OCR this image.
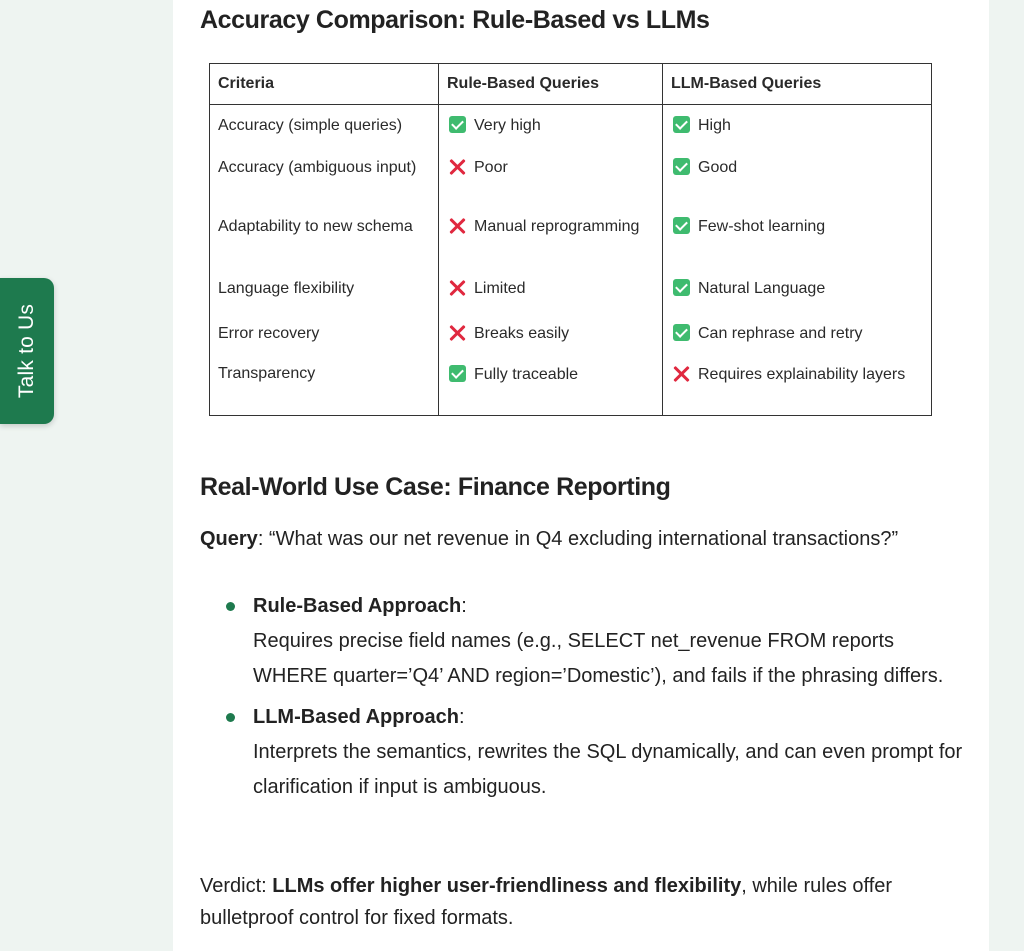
Talk to Us
Accuracy Comparison: Rule-Based vs LLMs
Criteria	Rule-Based Queries	LLM-Based Queries
Accuracy (simple queries)	Very high	High
Accuracy (ambiguous input)	Poor	Good
Adaptability to new schema	Manual reprogramming	Few-shot learning
Language flexibility	Limited	Natural Language
Error recovery	Breaks easily	Can rephrase and retry
Transparency	Fully traceable	Requires explainability layers
Real-World Use Case: Finance Reporting

Query: “What was our net revenue in Q4 excluding international transactions?”

Rule-Based Approach:
Requires precise field names (e.g., SELECT net_revenue FROM reports WHERE quarter=’Q4’ AND region=’Domestic’), and fails if the phrasing differs.
LLM-Based Approach:
Interprets the semantics, rewrites the SQL dynamically, and can even prompt for clarification if input is ambiguous.

Verdict: LLMs offer higher user-friendliness and flexibility, while rules offer bulletproof control for fixed formats.
